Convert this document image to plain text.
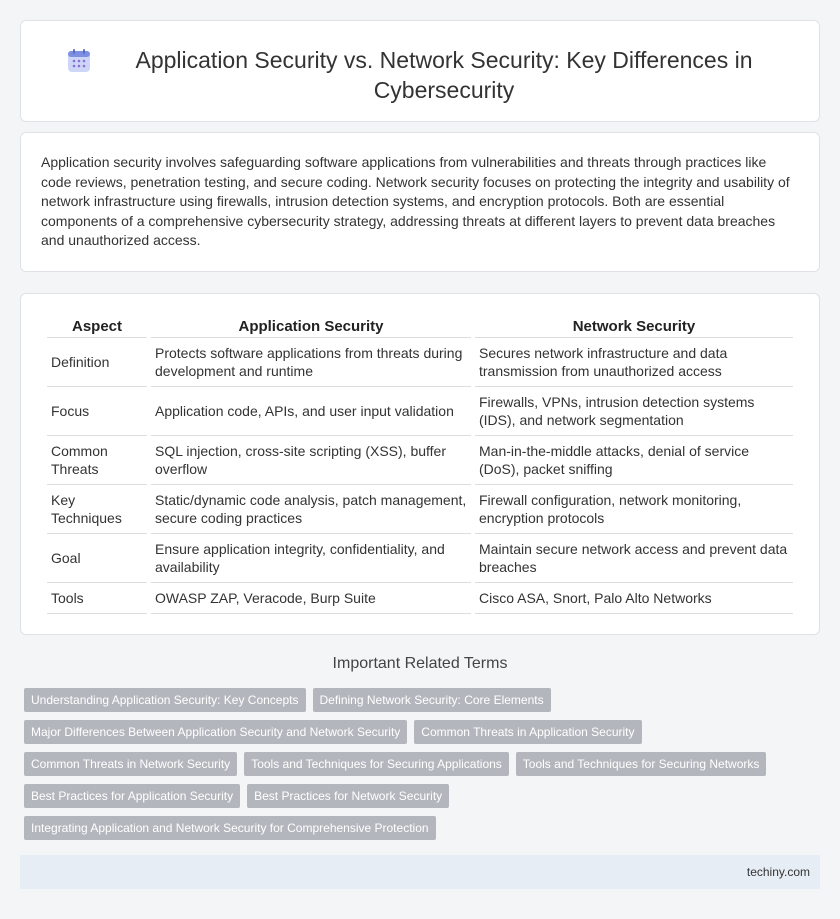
Application Security vs. Network Security: Key Differences in Cybersecurity

Application security involves safeguarding software applications from vulnerabilities and threats through practices like code reviews, penetration testing, and secure coding. Network security focuses on protecting the integrity and usability of network infrastructure using firewalls, intrusion detection systems, and encryption protocols. Both are essential components of a comprehensive cybersecurity strategy, addressing threats at different layers to prevent data breaches and unauthorized access.

Aspect	Application Security	Network Security
Definition	Protects software applications from threats during development and runtime	Secures network infrastructure and data transmission from unauthorized access
Focus	Application code, APIs, and user input validation	Firewalls, VPNs, intrusion detection systems (IDS), and network segmentation
Common Threats	SQL injection, cross-site scripting (XSS), buffer overflow	Man-in-the-middle attacks, denial of service (DoS), packet sniffing
Key Techniques	Static/dynamic code analysis, patch management, secure coding practices	Firewall configuration, network monitoring, encryption protocols
Goal	Ensure application integrity, confidentiality, and availability	Maintain secure network access and prevent data breaches
Tools	OWASP ZAP, Veracode, Burp Suite	Cisco ASA, Snort, Palo Alto Networks
Important Related Terms
Understanding Application Security: Key Concepts	Defining Network Security: Core Elements
Major Differences Between Application Security and Network Security	Common Threats in Application Security
Common Threats in Network Security	Tools and Techniques for Securing Applications	Tools and Techniques for Securing Networks
Best Practices for Application Security	Best Practices for Network Security
Integrating Application and Network Security for Comprehensive Protection
techiny.com
